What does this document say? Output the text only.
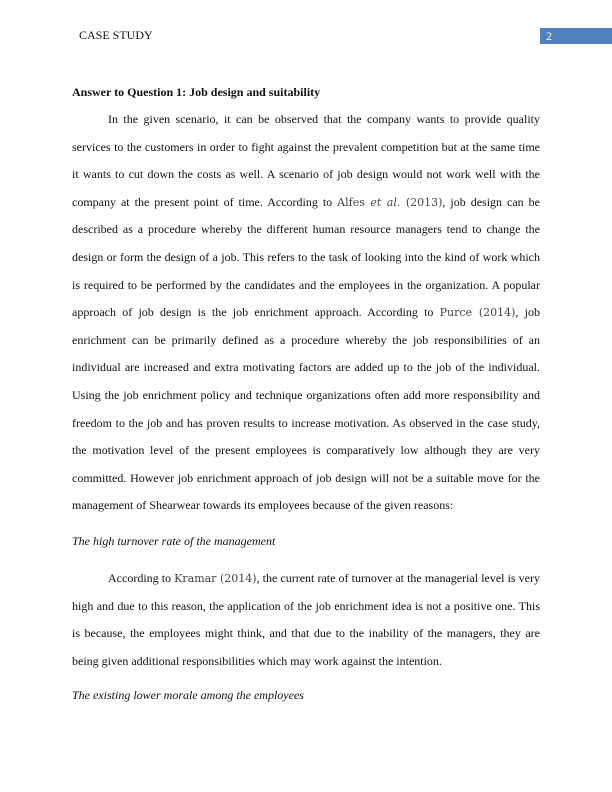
CASE STUDY	2
Answer to Question 1: Job design and suitability
In the given scenario, it can be observed that the company wants to provide quality
services to the customers in order to fight against the prevalent competition but at the same time
it wants to cut down the costs as well. A scenario of job design would not work well with the
company at the present point of time. According to Alfes et al. (2013), job design can be
described as a procedure whereby the different human resource managers tend to change the
design or form the design of a job. This refers to the task of looking into the kind of work which
is required to be performed by the candidates and the employees in the organization. A popular
approach of job design is the job enrichment approach. According to Purce (2014), job
enrichment can be primarily defined as a procedure whereby the job responsibilities of an
individual are increased and extra motivating factors are added up to the job of the individual.
Using the job enrichment policy and technique organizations often add more responsibility and
freedom to the job and has proven results to increase motivation. As observed in the case study,
the motivation level of the present employees is comparatively low although they are very
committed. However job enrichment approach of job design will not be a suitable move for the
management of Shearwear towards its employees because of the given reasons:
The high turnover rate of the management
According to Kramar (2014), the current rate of turnover at the managerial level is very
high and due to this reason, the application of the job enrichment idea is not a positive one. This
is because, the employees might think, and that due to the inability of the managers, they are
being given additional responsibilities which may work against the intention.
The existing lower morale among the employees
